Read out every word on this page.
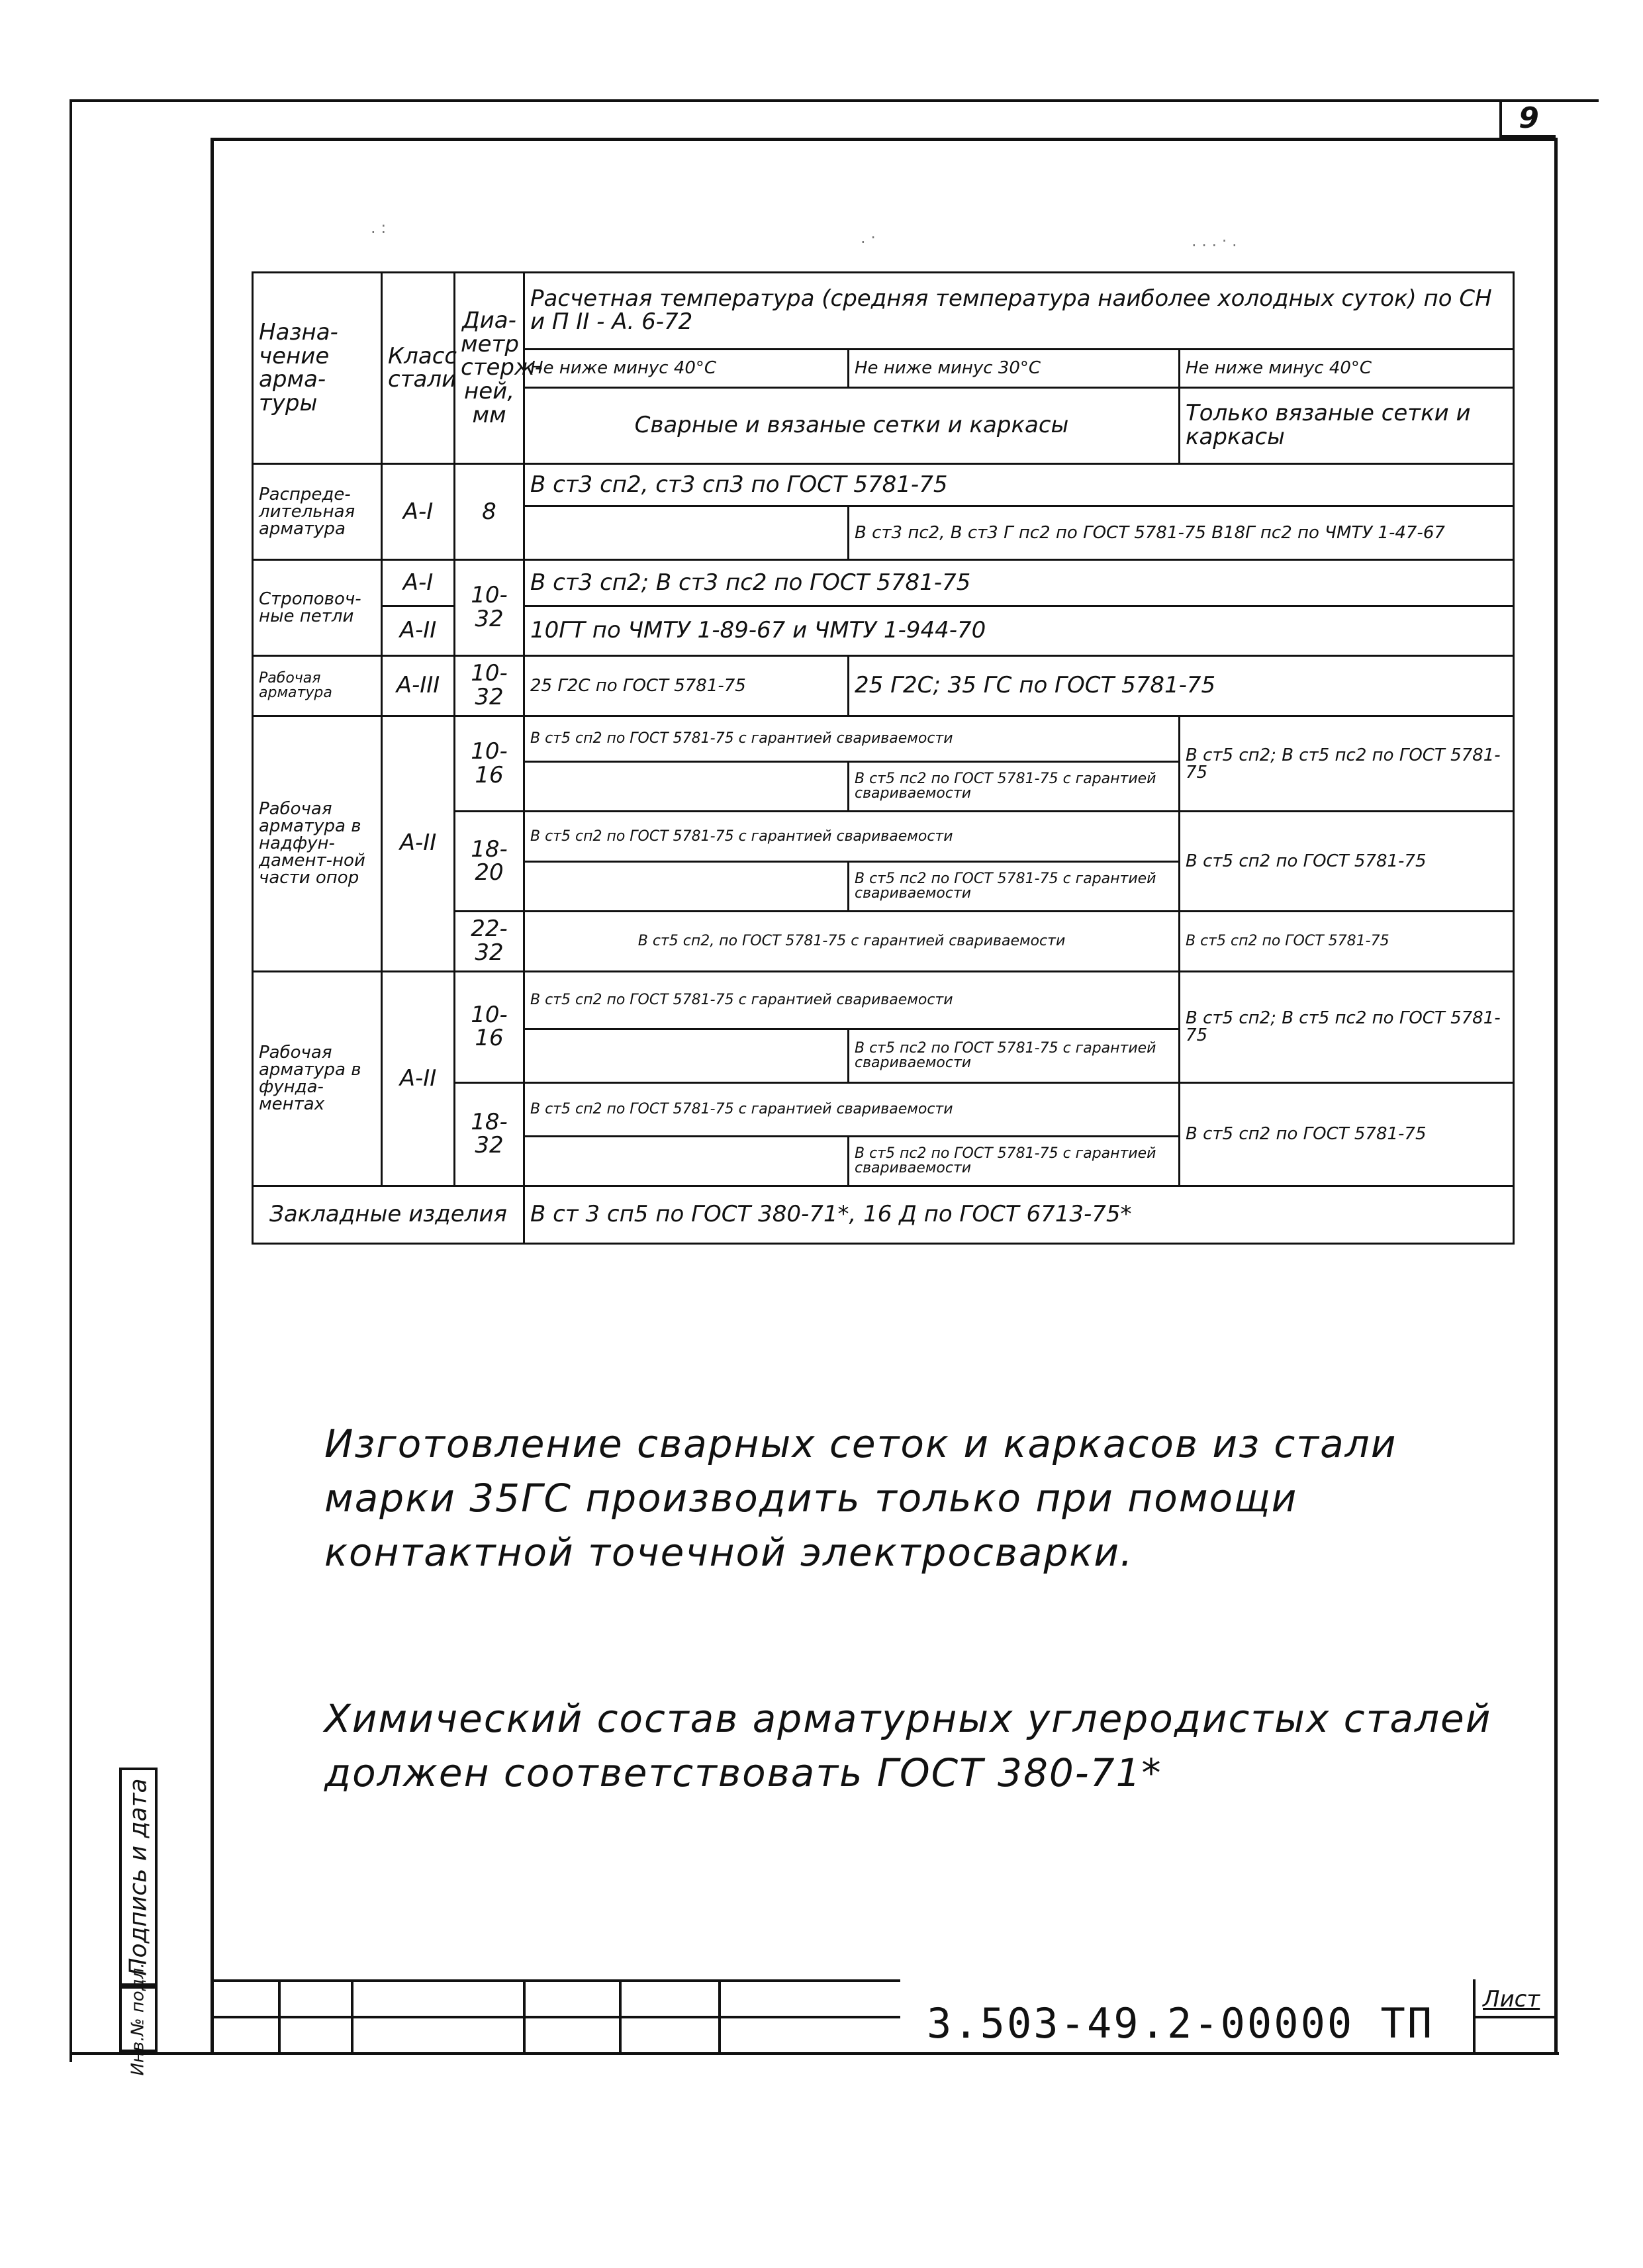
9
. :
. ·	. . . · .
Назна-чение арма-туры	Класс стали	Диа-метр стерж-ней, мм	Расчетная температура (средняя температура наиболее холодных суток) по СН и П II - А. 6-72		
			Не ниже минус 40°С	Не ниже минус 30°С	Не ниже минус 40°С
			Сварные и вязаные сетки и каркасы		Только вязаные сетки и каркасы
Распреде-лительная арматура	А-I	8	В ст3 сп2, ст3 сп3 по ГОСТ 5781-75		
				В ст3 пс2, В ст3 Г пс2 по ГОСТ 5781-75 В18Г пс2 по ЧМТУ 1-47-67	
Строповоч-ные петли	А-I	10-32	В ст3 сп2; В ст3 пс2 по ГОСТ 5781-75		
	А-II		10ГТ по ЧМТУ 1-89-67 и ЧМТУ 1-944-70		
Рабочая арматура	А-III	10-32	25 Г2С по ГОСТ 5781-75	25 Г2С; 35 ГС по ГОСТ 5781-75	
Рабочая арматура в надфун-дамент-ной части опор	А-II	10-16	В ст5 сп2 по ГОСТ 5781-75 с гарантией свариваемости		В ст5 сп2; В ст5 пс2 по ГОСТ 5781-75
				В ст5 пс2 по ГОСТ 5781-75 с гарантией свариваемости	
		18-20	В ст5 сп2 по ГОСТ 5781-75 с гарантией свариваемости		В ст5 сп2 по ГОСТ 5781-75
				В ст5 пс2 по ГОСТ 5781-75 с гарантией свариваемости	
		22-32	В ст5 сп2, по ГОСТ 5781-75 с гарантией свариваемости		В ст5 сп2 по ГОСТ 5781-75
Рабочая арматура в фунда-ментах	А-II	10-16	В ст5 сп2 по ГОСТ 5781-75 с гарантией свариваемости		В ст5 сп2; В ст5 пс2 по ГОСТ 5781-75
				В ст5 пс2 по ГОСТ 5781-75 с гарантией свариваемости	
		18-32	В ст5 сп2 по ГОСТ 5781-75 с гарантией свариваемости		В ст5 сп2 по ГОСТ 5781-75
				В ст5 пс2 по ГОСТ 5781-75 с гарантией свариваемости	
Закладные изделия			В ст 3 сп5 по ГОСТ 380-71*, 16 Д по ГОСТ 6713-75*		
Изготовление сварных сеток и каркасов из стали марки 35ГС производить только при помощи контактной точечной электросварки.
Химический состав арматурных углеродистых сталей должен соответствовать ГОСТ 380-71*
Подпись и дата
Инв.№ подл.	3.503-49.2-00000 ТП Лист
